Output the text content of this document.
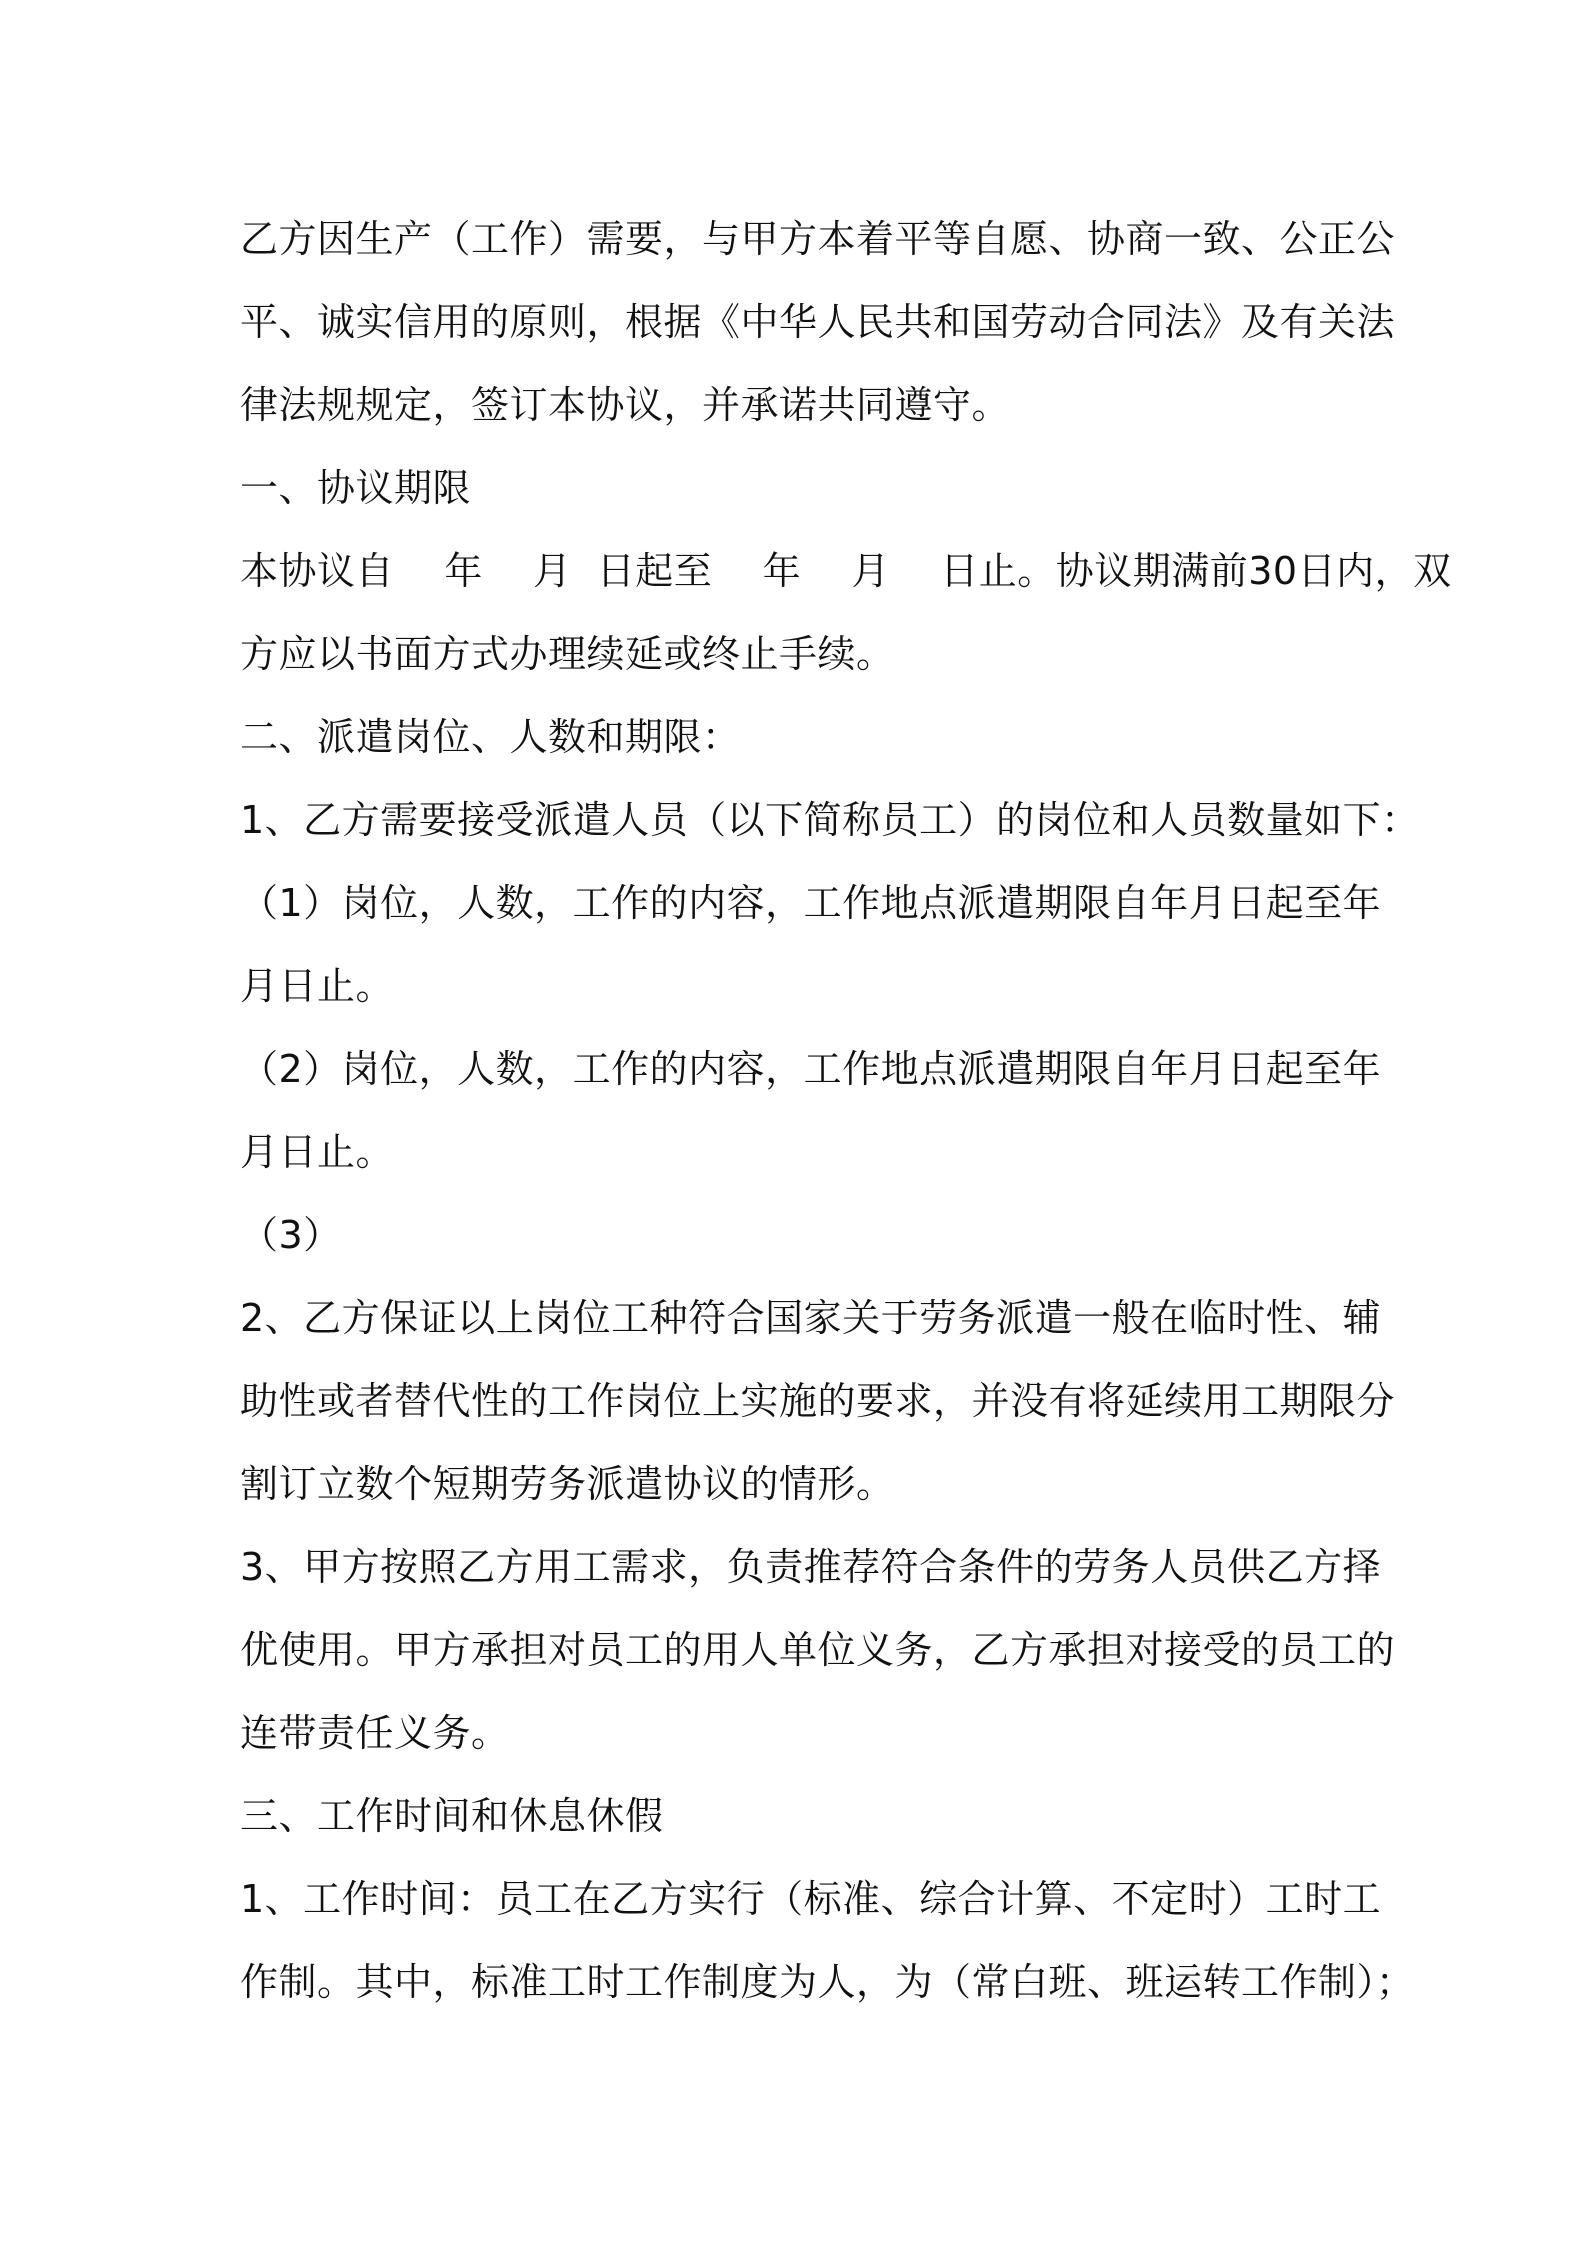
乙方因生产（工作）需要，与甲方本着平等自愿、协商一致、公正公
平、诚实信用的原则，根据《中华人民共和国劳动合同法》及有关法
律法规规定，签订本协议，并承诺共同遵守。
一、协议期限
本协议自    年    月  日起至    年    月    日止。协议期满前30日内，双
方应以书面方式办理续延或终止手续。
二、派遣岗位、人数和期限：
1、乙方需要接受派遣人员（以下简称员工）的岗位和人员数量如下：
（1）岗位，人数，工作的内容，工作地点派遣期限自年月日起至年
月日止。
（2）岗位，人数，工作的内容，工作地点派遣期限自年月日起至年
月日止。
（3）
2、乙方保证以上岗位工种符合国家关于劳务派遣一般在临时性、辅
助性或者替代性的工作岗位上实施的要求，并没有将延续用工期限分
割订立数个短期劳务派遣协议的情形。
3、甲方按照乙方用工需求，负责推荐符合条件的劳务人员供乙方择
优使用。甲方承担对员工的用人单位义务，乙方承担对接受的员工的
连带责任义务。
三、工作时间和休息休假
1、工作时间：员工在乙方实行（标准、综合计算、不定时）工时工
作制。其中，标准工时工作制度为人，为（常白班、班运转工作制）；
